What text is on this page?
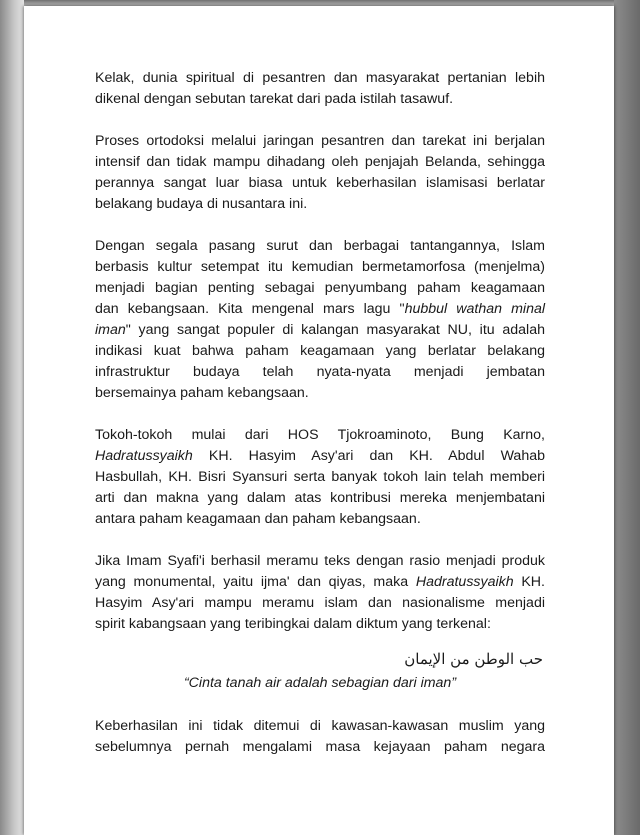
Kelak, dunia spiritual di pesantren dan masyarakat pertanian lebih
dikenal dengan sebutan tarekat dari pada istilah tasawuf.

Proses ortodoksi melalui jaringan pesantren dan tarekat ini berjalan
intensif dan tidak mampu dihadang oleh penjajah Belanda, sehingga
perannya sangat luar biasa untuk keberhasilan islamisasi berlatar
belakang budaya di nusantara ini.

Dengan segala pasang surut dan berbagai tantangannya, Islam
berbasis kultur setempat itu kemudian bermetamorfosa (menjelma)
menjadi bagian penting sebagai penyumbang paham keagamaan
dan kebangsaan. Kita mengenal mars lagu "hubbul wathan minal
iman" yang sangat populer di kalangan masyarakat NU, itu adalah
indikasi kuat bahwa paham keagamaan yang berlatar belakang
infrastruktur budaya telah nyata-nyata menjadi jembatan
bersemainya paham kebangsaan.

Tokoh-tokoh mulai dari HOS Tjokroaminoto, Bung Karno,
Hadratussyaikh KH. Hasyim Asy'ari dan KH. Abdul Wahab
Hasbullah, KH. Bisri Syansuri serta banyak tokoh lain telah memberi
arti dan makna yang dalam atas kontribusi mereka menjembatani
antara paham keagamaan dan paham kebangsaan.

Jika Imam Syafi'i berhasil meramu teks dengan rasio menjadi produk
yang monumental, yaitu ijma' dan qiyas, maka Hadratussyaikh KH.
Hasyim Asy'ari mampu meramu islam dan nasionalisme menjadi
spirit kabangsaan yang teribingkai dalam diktum yang terkenal:

حب الوطن من الإيمان

“Cinta tanah air adalah sebagian dari iman”

Keberhasilan ini tidak ditemui di kawasan-kawasan muslim yang
sebelumnya pernah mengalami masa kejayaan paham negara
